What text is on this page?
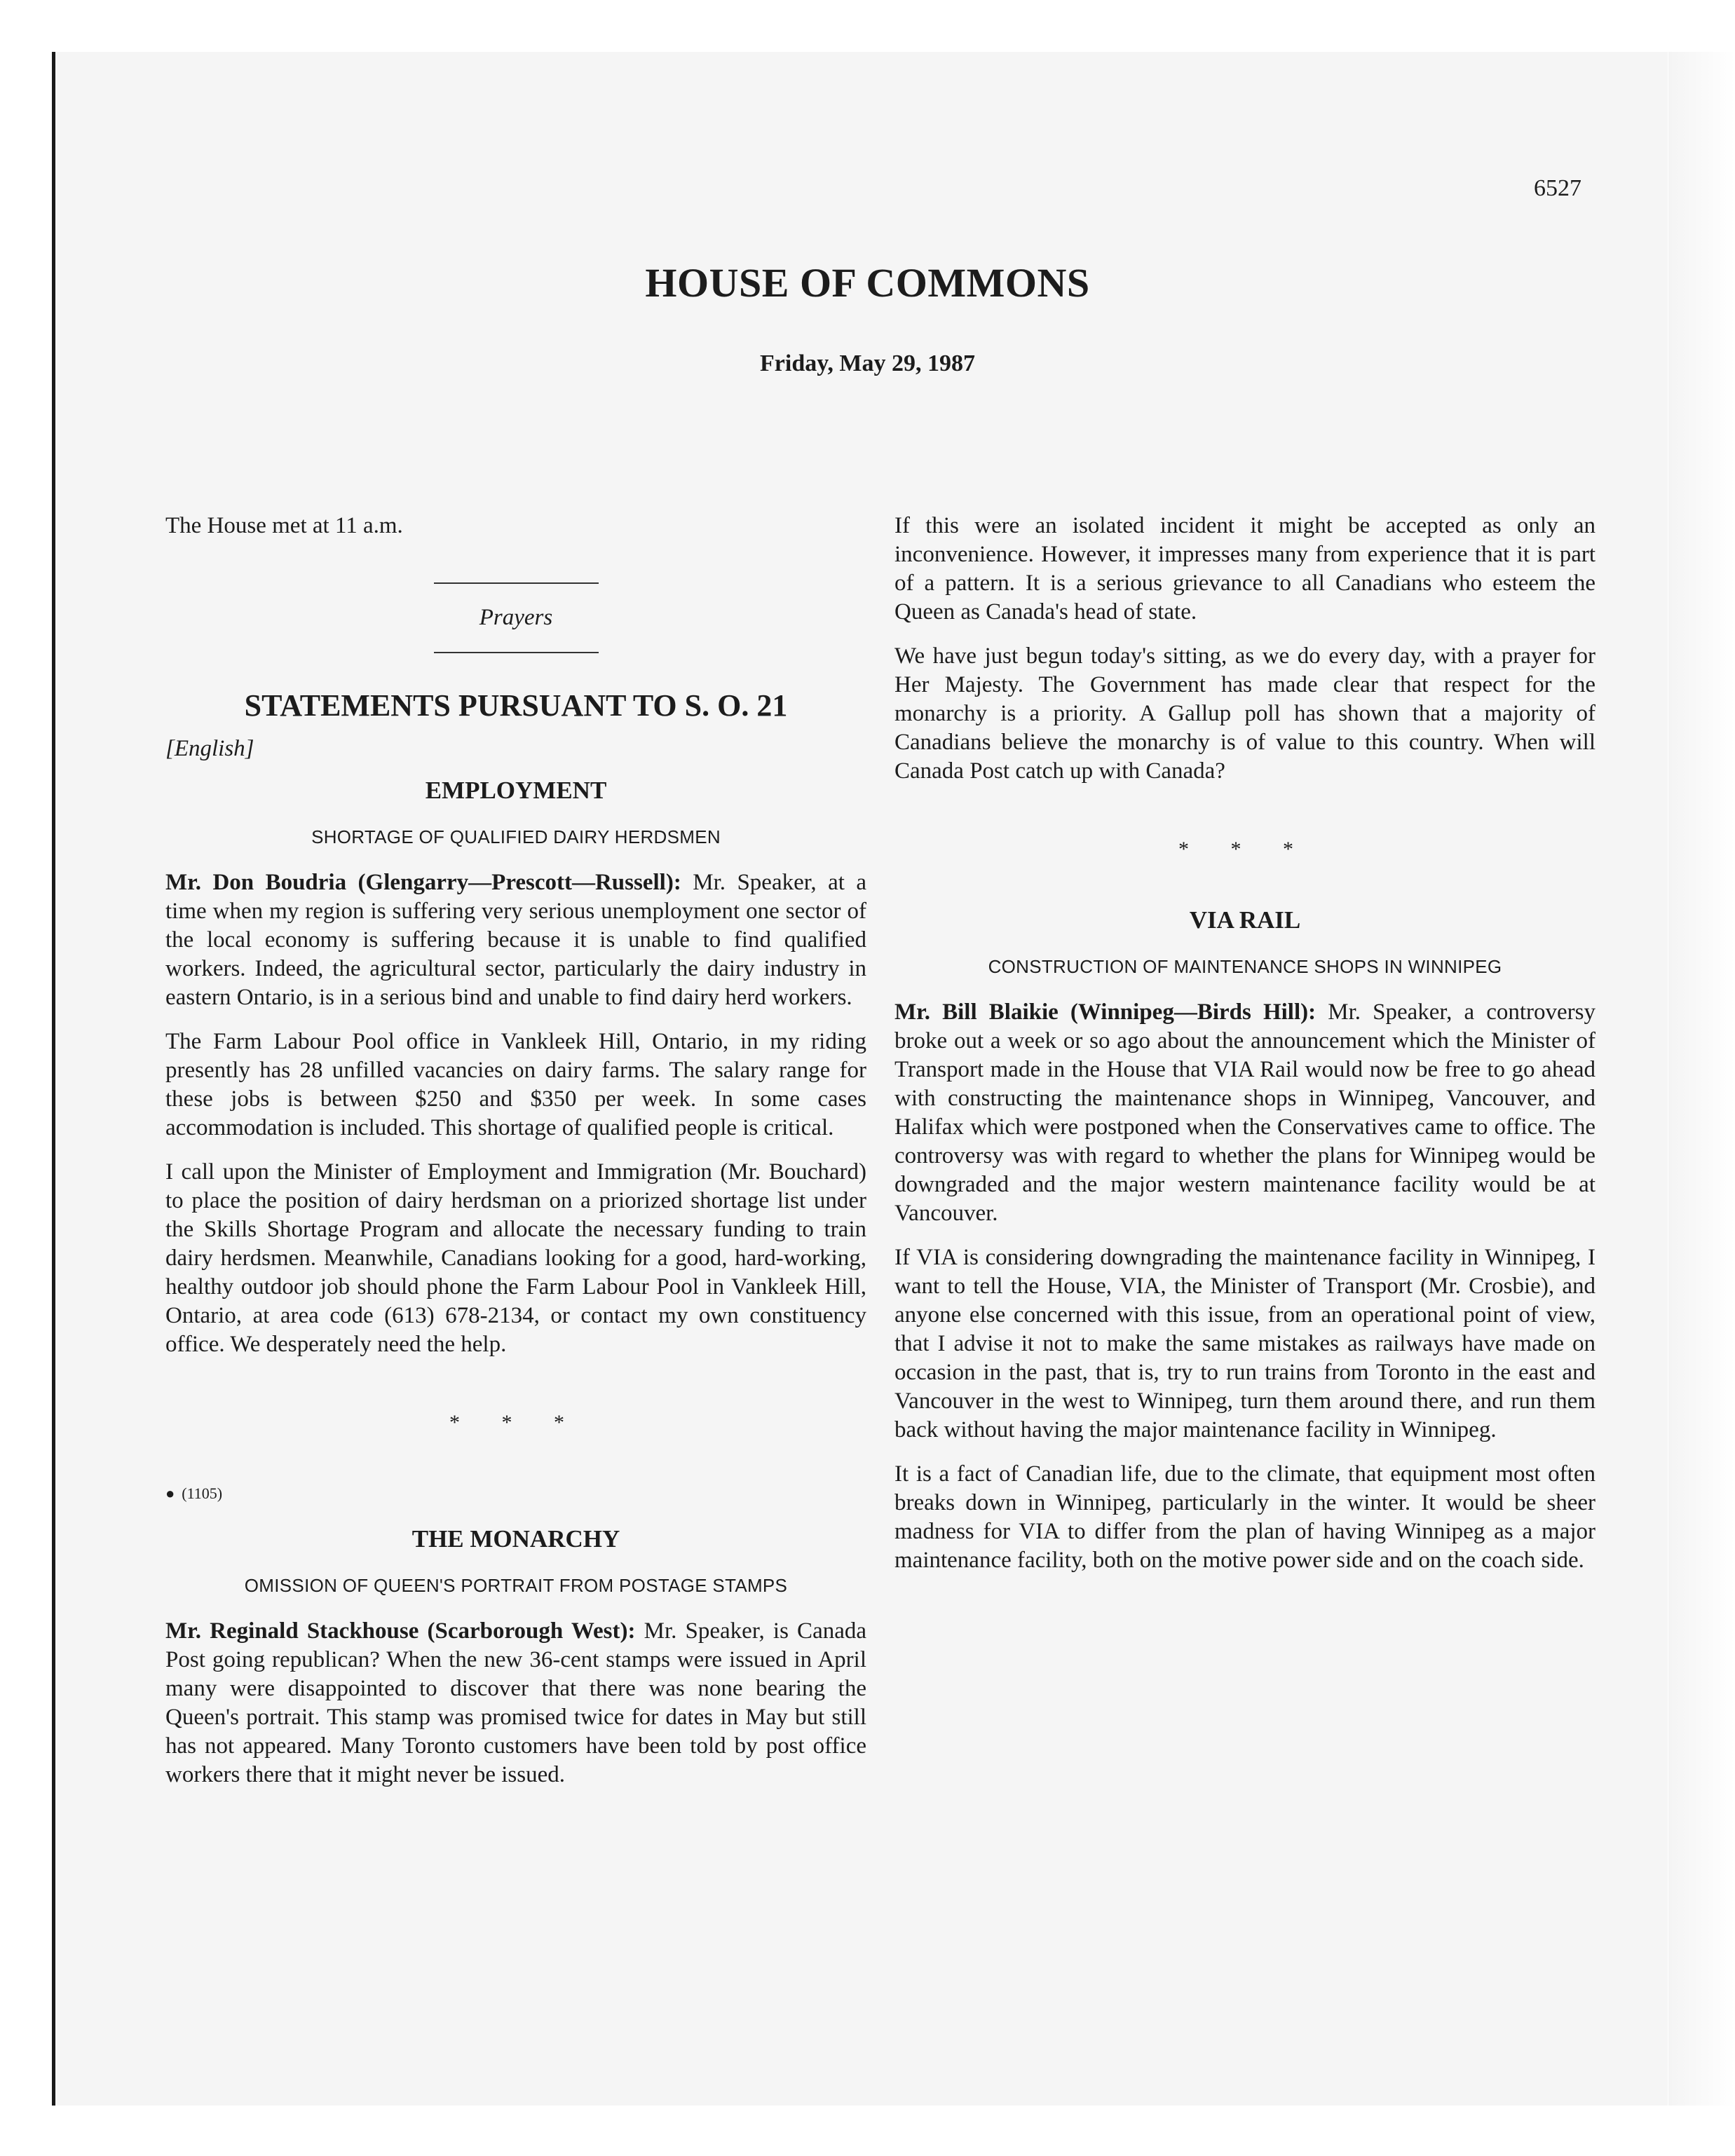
6527
HOUSE OF COMMONS
Friday, May 29, 1987

The House met at 11 a.m.

Prayers
STATEMENTS PURSUANT TO S. O. 21
[English]
EMPLOYMENT
SHORTAGE OF QUALIFIED DAIRY HERDSMEN

Mr. Don Boudria (Glengarry—Prescott—Russell): Mr. Speaker, at a time when my region is suffering very serious unemployment one sector of the local economy is suffering because it is unable to find qualified workers. Indeed, the agricultural sector, particularly the dairy industry in eastern Ontario, is in a serious bind and unable to find dairy herd workers.

The Farm Labour Pool office in Vankleek Hill, Ontario, in my riding presently has 28 unfilled vacancies on dairy farms. The salary range for these jobs is between $250 and $350 per week. In some cases accommodation is included. This shortage of qualified people is critical.

I call upon the Minister of Employment and Immigration (Mr. Bouchard) to place the position of dairy herdsman on a priorized shortage list under the Skills Shortage Program and allocate the necessary funding to train dairy herdsmen. Meanwhile, Canadians looking for a good, hard-working, healthy outdoor job should phone the Farm Labour Pool in Vankleek Hill, Ontario, at area code (613) 678-2134, or contact my own constituency office. We desperately need the help.

* * *
● (1105)
THE MONARCHY
OMISSION OF QUEEN'S PORTRAIT FROM POSTAGE STAMPS

Mr. Reginald Stackhouse (Scarborough West): Mr. Speaker, is Canada Post going republican? When the new 36-cent stamps were issued in April many were disappointed to discover that there was none bearing the Queen's portrait. This stamp was promised twice for dates in May but still has not appeared. Many Toronto customers have been told by post office workers there that it might never be issued.

If this were an isolated incident it might be accepted as only an inconvenience. However, it impresses many from experience that it is part of a pattern. It is a serious grievance to all Canadians who esteem the Queen as Canada's head of state.

We have just begun today's sitting, as we do every day, with a prayer for Her Majesty. The Government has made clear that respect for the monarchy is a priority. A Gallup poll has shown that a majority of Canadians believe the monarchy is of value to this country. When will Canada Post catch up with Canada?

* * *
VIA RAIL
CONSTRUCTION OF MAINTENANCE SHOPS IN WINNIPEG

Mr. Bill Blaikie (Winnipeg—Birds Hill): Mr. Speaker, a controversy broke out a week or so ago about the announcement which the Minister of Transport made in the House that VIA Rail would now be free to go ahead with constructing the maintenance shops in Winnipeg, Vancouver, and Halifax which were postponed when the Conservatives came to office. The controversy was with regard to whether the plans for Winnipeg would be downgraded and the major western maintenance facility would be at Vancouver.

If VIA is considering downgrading the maintenance facility in Winnipeg, I want to tell the House, VIA, the Minister of Transport (Mr. Crosbie), and anyone else concerned with this issue, from an operational point of view, that I advise it not to make the same mistakes as railways have made on occasion in the past, that is, try to run trains from Toronto in the east and Vancouver in the west to Winnipeg, turn them around there, and run them back without having the major maintenance facility in Winnipeg.

It is a fact of Canadian life, due to the climate, that equipment most often breaks down in Winnipeg, particularly in the winter. It would be sheer madness for VIA to differ from the plan of having Winnipeg as a major maintenance facility, both on the motive power side and on the coach side.
